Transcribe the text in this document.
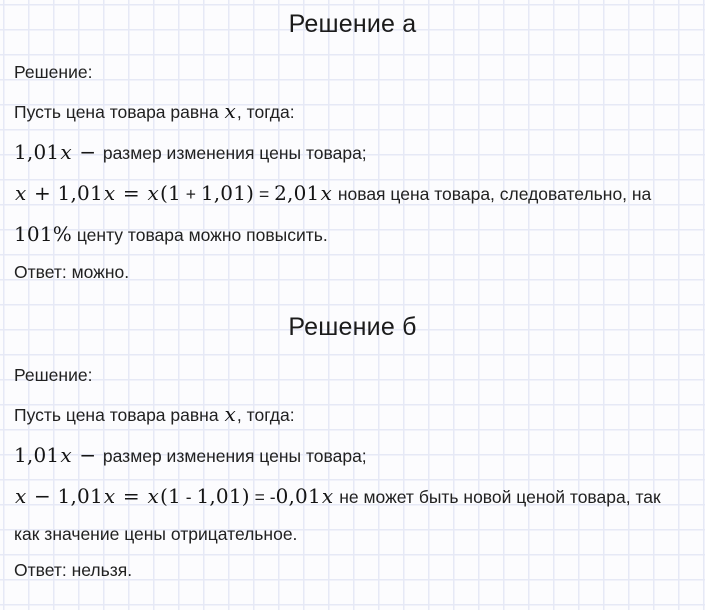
Решение а
Решение:
Пусть цена товара равна x, тогда:
1,01x − размер изменения цены товара;
x + 1,01x = x(1 + 1,01) = 2,01x новая цена товара, следовательно, на
101% центу товара можно повысить.
Ответ: можно.
Решение б
Решение:
Пусть цена товара равна x, тогда:
1,01x − размер изменения цены товара;
x − 1,01x = x(1 - 1,01) = -0,01x не может быть новой ценой товара, так
как значение цены отрицательное.
Ответ: нельзя.
